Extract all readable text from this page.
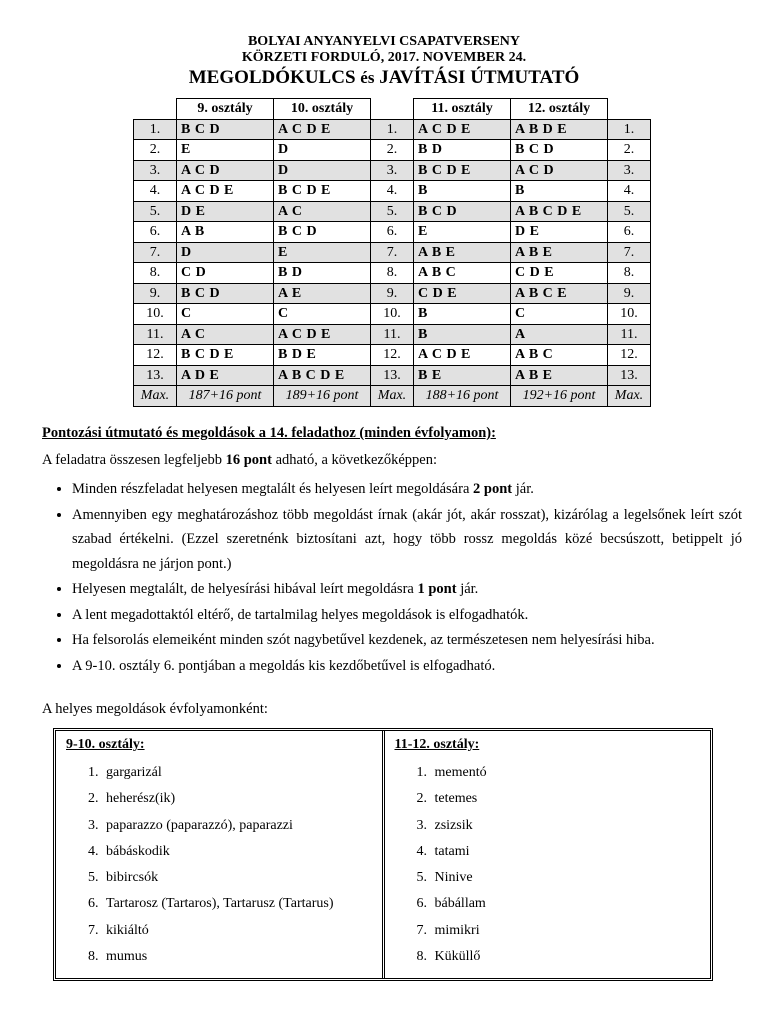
BOLYAI ANYANYELVI CSAPATVERSENY
KÖRZETI FORDULÓ, 2017. NOVEMBER 24.
MEGOLDÓKULCS és JAVÍTÁSI ÚTMUTATÓ
	9. osztály	10. osztály		11. osztály	12. osztály	
1.	B C D	A C D E	1.	A C D E	A B D E	1.
2.	E	D	2.	B D	B C D	2.
3.	A C D	D	3.	B C D E	A C D	3.
4.	A C D E	B C D E	4.	B	B	4.
5.	D E	A C	5.	B C D	A B C D E	5.
6.	A B	B C D	6.	E	D E	6.
7.	D	E	7.	A B E	A B E	7.
8.	C D	B D	8.	A B C	C D E	8.
9.	B C D	A E	9.	C D E	A B C E	9.
10.	C	C	10.	B	C	10.
11.	A C	A C D E	11.	B	A	11.
12.	B C D E	B D E	12.	A C D E	A B C	12.
13.	A D E	A B C D E	13.	B E	A B E	13.
Max.	187+16 pont	189+16 pont	Max.	188+16 pont	192+16 pont	Max.
Pontozási útmutató és megoldások a 14. feladathoz (minden évfolyamon):

A feladatra összesen legfeljebb 16 pont adható, a következőképpen:

• Minden részfeladat helyesen megtalált és helyesen leírt megoldására 2 pont jár.
• Amennyiben egy meghatározáshoz több megoldást írnak (akár jót, akár rosszat), kizárólag a legelsőnek leírt szót szabad értékelni. (Ezzel szeretnénk biztosítani azt, hogy több rossz megoldás közé becsúszott, betippelt jó megoldásra ne járjon pont.)
• Helyesen megtalált, de helyesírási hibával leírt megoldásra 1 pont jár.
• A lent megadottaktól eltérő, de tartalmilag helyes megoldások is elfogadhatók.
• Ha felsorolás elemeiként minden szót nagybetűvel kezdenek, az természetesen nem helyesírási hiba.
• A 9-10. osztály 6. pontjában a megoldás kis kezdőbetűvel is elfogadható.
A helyes megoldások évfolyamonként:
9-10. osztály:
1. gargarizál
2. heherész(ik)
3. paparazzo (paparazzó), paparazzi
4. bábáskodik
5. bibircsók
6. Tartarosz (Tartaros), Tartarusz (Tartarus)
7. kikiáltó
8. mumus
11-12. osztály:
1. mementó
2. tetemes
3. zsizsik
4. tatami
5. Ninive
6. bábállam
7. mimikri
8. Küküllő
